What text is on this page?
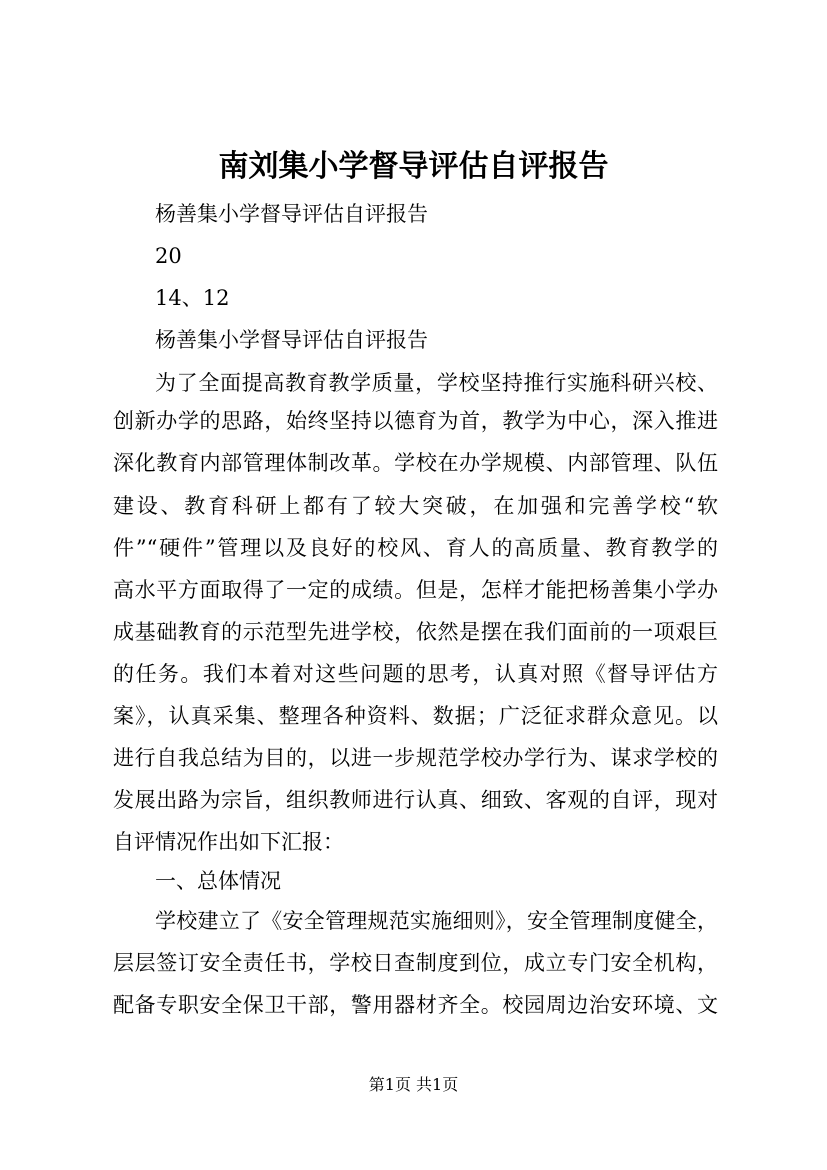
南刘集小学督导评估自评报告
杨善集小学督导评估自评报告
20
14、12
杨善集小学督导评估自评报告
为了全面提高教育教学质量，学校坚持推行实施科研兴校、
创新办学的思路，始终坚持以德育为首，教学为中心，深入推进
深化教育内部管理体制改革。学校在办学规模、内部管理、队伍
建设、教育科研上都有了较大突破，在加强和完善学校“软
件”“硬件”管理以及良好的校风、育人的高质量、教育教学的
高水平方面取得了一定的成绩。但是，怎样才能把杨善集小学办
成基础教育的示范型先进学校，依然是摆在我们面前的一项艰巨
的任务。我们本着对这些问题的思考，认真对照《督导评估方
案》，认真采集、整理各种资料、数据；广泛征求群众意见。以
进行自我总结为目的，以进一步规范学校办学行为、谋求学校的
发展出路为宗旨，组织教师进行认真、细致、客观的自评，现对
自评情况作出如下汇报：
一、总体情况
学校建立了《安全管理规范实施细则》，安全管理制度健全，
层层签订安全责任书，学校日查制度到位，成立专门安全机构，
配备专职安全保卫干部，警用器材齐全。校园周边治安环境、文
第1页 共1页
